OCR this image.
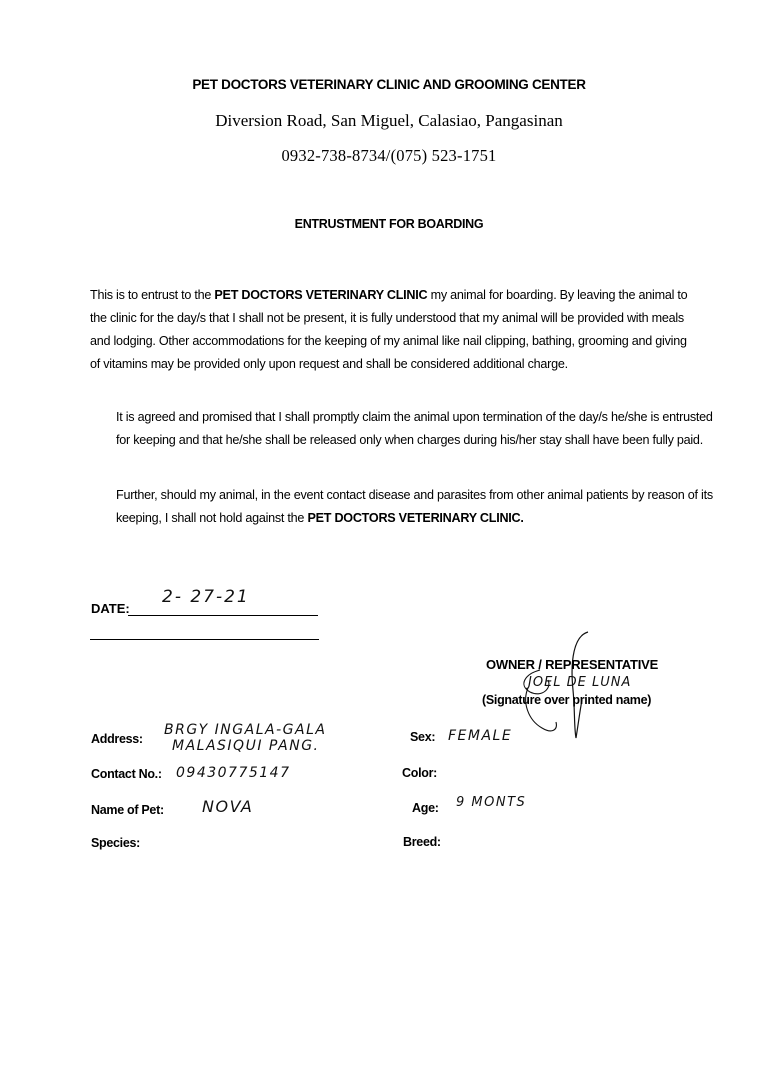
PET DOCTORS VETERINARY CLINIC AND GROOMING CENTER
Diversion Road, San Miguel, Calasiao, Pangasinan
0932-738-8734/(075) 523-1751
ENTRUSTMENT FOR BOARDING
This is to entrust to the PET DOCTORS VETERINARY CLINIC my animal for boarding. By leaving the animal to the clinic for the day/s that I shall not be present, it is fully understood that my animal will be provided with meals and lodging. Other accommodations for the keeping of my animal like nail clipping, bathing, grooming and giving of vitamins may be provided only upon request and shall be considered additional charge.
It is agreed and promised that I shall promptly claim the animal upon termination of the day/s he/she is entrusted for keeping and that he/she shall be released only when charges during his/her stay shall have been fully paid.
Further, should my animal, in the event contact disease and parasites from other animal patients by reason of its keeping, I shall not hold against the PET DOCTORS VETERINARY CLINIC.
DATE:
2- 27-21
OWNER / REPRESENTATIVE
JOEL DE LUNA
(Signature over printed name)
Address:
BRGY INGALA-GALA
MALASIQUI PANG.
Contact No.: 09430775147
Name of Pet: NOVA
Species:
Sex: FEMALE
Color:
Age: 9 MONTS
Breed:
